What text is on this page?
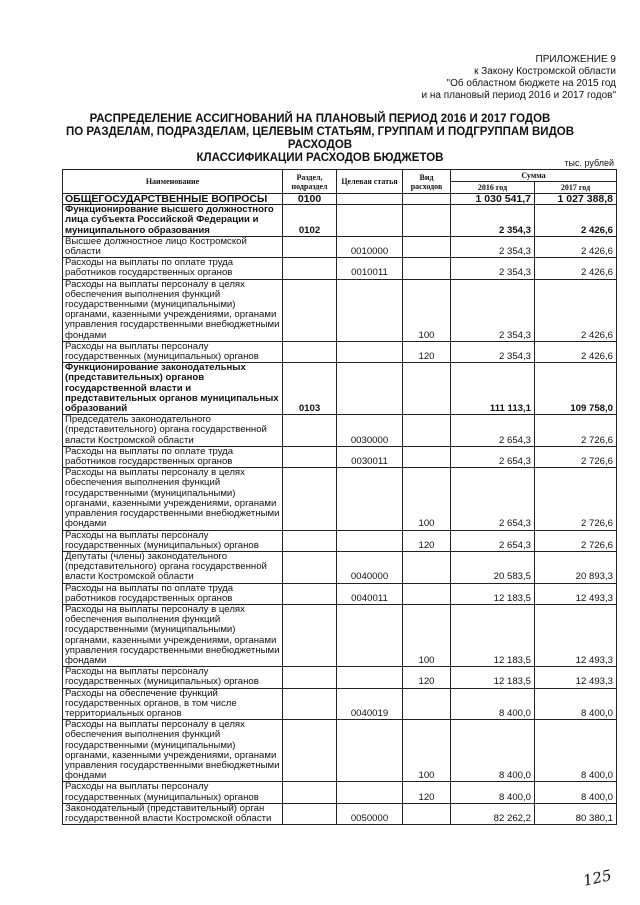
ПРИЛОЖЕНИЕ 9
к Закону Костромской области
"Об областном бюджете на 2015 год
и на плановый период 2016 и 2017 годов"
РАСПРЕДЕЛЕНИЕ АССИГНОВАНИЙ НА ПЛАНОВЫЙ ПЕРИОД 2016 И 2017 ГОДОВ
ПО РАЗДЕЛАМ, ПОДРАЗДЕЛАМ, ЦЕЛЕВЫМ СТАТЬЯМ, ГРУППАМ И ПОДГРУППАМ ВИДОВ РАСХОДОВ
КЛАССИФИКАЦИИ РАСХОДОВ БЮДЖЕТОВ	тыс. рублей
Наименование	Раздел, подраздел	Целевая статья	Вид расходов	Сумма	
				2016 год	2017 год
ОБЩЕГОСУДАРСТВЕННЫЕ ВОПРОСЫ	0100			1 030 541,7	1 027 388,8
Функционирование высшего должностного лица субъекта Российской Федерации и муниципального образования	0102			2 354,3	2 426,6
Высшее должностное лицо Костромской области		0010000		2 354,3	2 426,6
Расходы на выплаты по оплате труда работников государственных органов		0010011		2 354,3	2 426,6
Расходы на выплаты персоналу в целях обеспечения выполнения функций государственными (муниципальными) органами, казенными учреждениями, органами управления государственными внебюджетными фондами			100	2 354,3	2 426,6
Расходы на выплаты персоналу государственных (муниципальных) органов			120	2 354,3	2 426,6
Функционирование законодательных (представительных) органов государственной власти и представительных органов муниципальных образований	0103			111 113,1	109 758,0
Председатель законодательного (представительного) органа государственной власти Костромской области		0030000		2 654,3	2 726,6
Расходы на выплаты по оплате труда работников государственных органов		0030011		2 654,3	2 726,6
Расходы на выплаты персоналу в целях обеспечения выполнения функций государственными (муниципальными) органами, казенными учреждениями, органами управления государственными внебюджетными фондами			100	2 654,3	2 726,6
Расходы на выплаты персоналу государственных (муниципальных) органов			120	2 654,3	2 726,6
Депутаты (члены) законодательного (представительного) органа государственной власти Костромской области		0040000		20 583,5	20 893,3
Расходы на выплаты по оплате труда работников государственных органов		0040011		12 183,5	12 493,3
Расходы на выплаты персоналу в целях обеспечения выполнения функций государственными (муниципальными) органами, казенными учреждениями, органами управления государственными внебюджетными фондами			100	12 183,5	12 493,3
Расходы на выплаты персоналу государственных (муниципальных) органов			120	12 183,5	12 493,3
Расходы на обеспечение функций государственных органов, в том числе территориальных органов		0040019		8 400,0	8 400,0
Расходы на выплаты персоналу в целях обеспечения выполнения функций государственными (муниципальными) органами, казенными учреждениями, органами управления государственными внебюджетными фондами			100	8 400,0	8 400,0
Расходы на выплаты персоналу государственных (муниципальных) органов			120	8 400,0	8 400,0
Законодательный (представительный) орган государственной власти Костромской области		0050000		82 262,2	80 380,1
125
